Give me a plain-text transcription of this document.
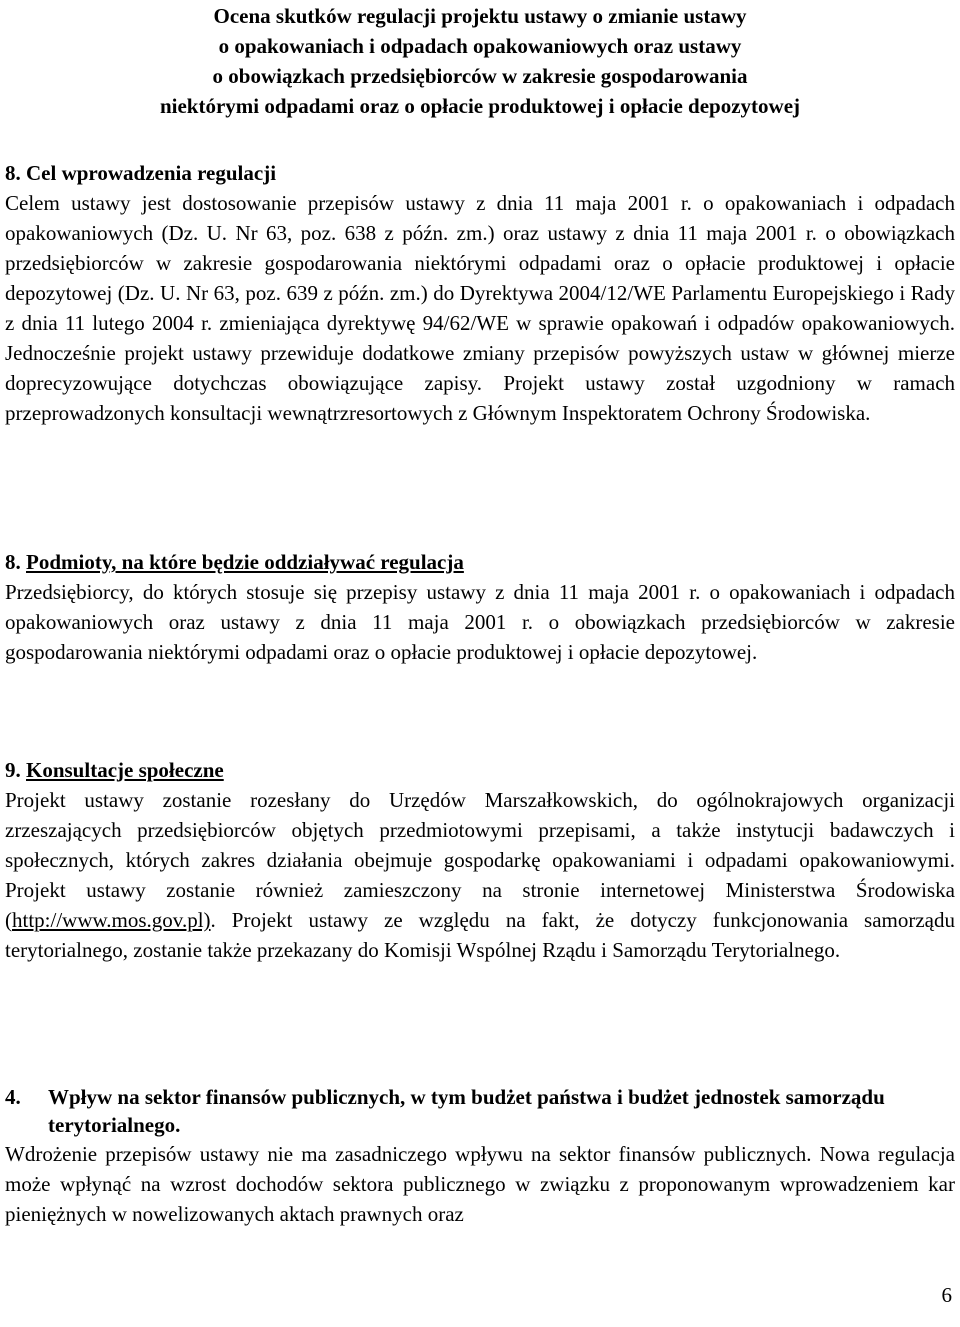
Ocena skutków regulacji projektu ustawy o zmianie ustawy
o opakowaniach i odpadach opakowaniowych oraz ustawy
o obowiązkach przedsiębiorców w zakresie gospodarowania
niektórymi odpadami oraz o opłacie produktowej i opłacie depozytowej
8. Cel wprowadzenia regulacji
Celem ustawy jest dostosowanie przepisów ustawy z dnia 11 maja 2001 r. o opakowaniach i odpadach opakowaniowych (Dz. U. Nr 63, poz. 638 z późn. zm.) oraz ustawy z dnia 11 maja 2001 r. o obowiązkach przedsiębiorców w zakresie gospodarowania niektórymi odpadami oraz o opłacie produktowej i opłacie depozytowej (Dz. U. Nr 63, poz. 639 z późn. zm.) do Dyrektywa 2004/12/WE Parlamentu Europejskiego i Rady z dnia 11 lutego 2004 r. zmieniająca dyrektywę 94/62/WE w sprawie opakowań i odpadów opakowaniowych. Jednocześnie projekt ustawy przewiduje dodatkowe zmiany przepisów powyższych ustaw w głównej mierze doprecyzowujące dotychczas obowiązujące zapisy. Projekt ustawy został uzgodniony w ramach przeprowadzonych konsultacji wewnątrzresortowych z Głównym Inspektoratem Ochrony Środowiska.
8. Podmioty, na które będzie oddziaływać regulacja
Przedsiębiorcy, do których stosuje się przepisy ustawy z dnia 11 maja 2001 r. o opakowaniach i odpadach opakowaniowych oraz ustawy z dnia 11 maja 2001 r. o obowiązkach przedsiębiorców w zakresie gospodarowania niektórymi odpadami oraz o opłacie produktowej i opłacie depozytowej.
9. Konsultacje społeczne
Projekt ustawy zostanie rozesłany do Urzędów Marszałkowskich, do ogólnokrajowych organizacji zrzeszających przedsiębiorców objętych przedmiotowymi przepisami, a także instytucji badawczych i społecznych, których zakres działania obejmuje gospodarkę opakowaniami i odpadami opakowaniowymi. Projekt ustawy zostanie również zamieszczony na stronie internetowej Ministerstwa Środowiska (http://www.mos.gov.pl). Projekt ustawy ze względu na fakt, że dotyczy funkcjonowania samorządu terytorialnego, zostanie także przekazany do Komisji Wspólnej Rządu i Samorządu Terytorialnego.
4.	Wpływ na sektor finansów publicznych, w tym budżet państwa i budżet jednostek samorządu terytorialnego.
Wdrożenie przepisów ustawy nie ma zasadniczego wpływu na sektor finansów publicznych. Nowa regulacja może wpłynąć na wzrost dochodów sektora publicznego w związku z proponowanym wprowadzeniem kar pieniężnych w nowelizowanych aktach prawnych oraz
6
